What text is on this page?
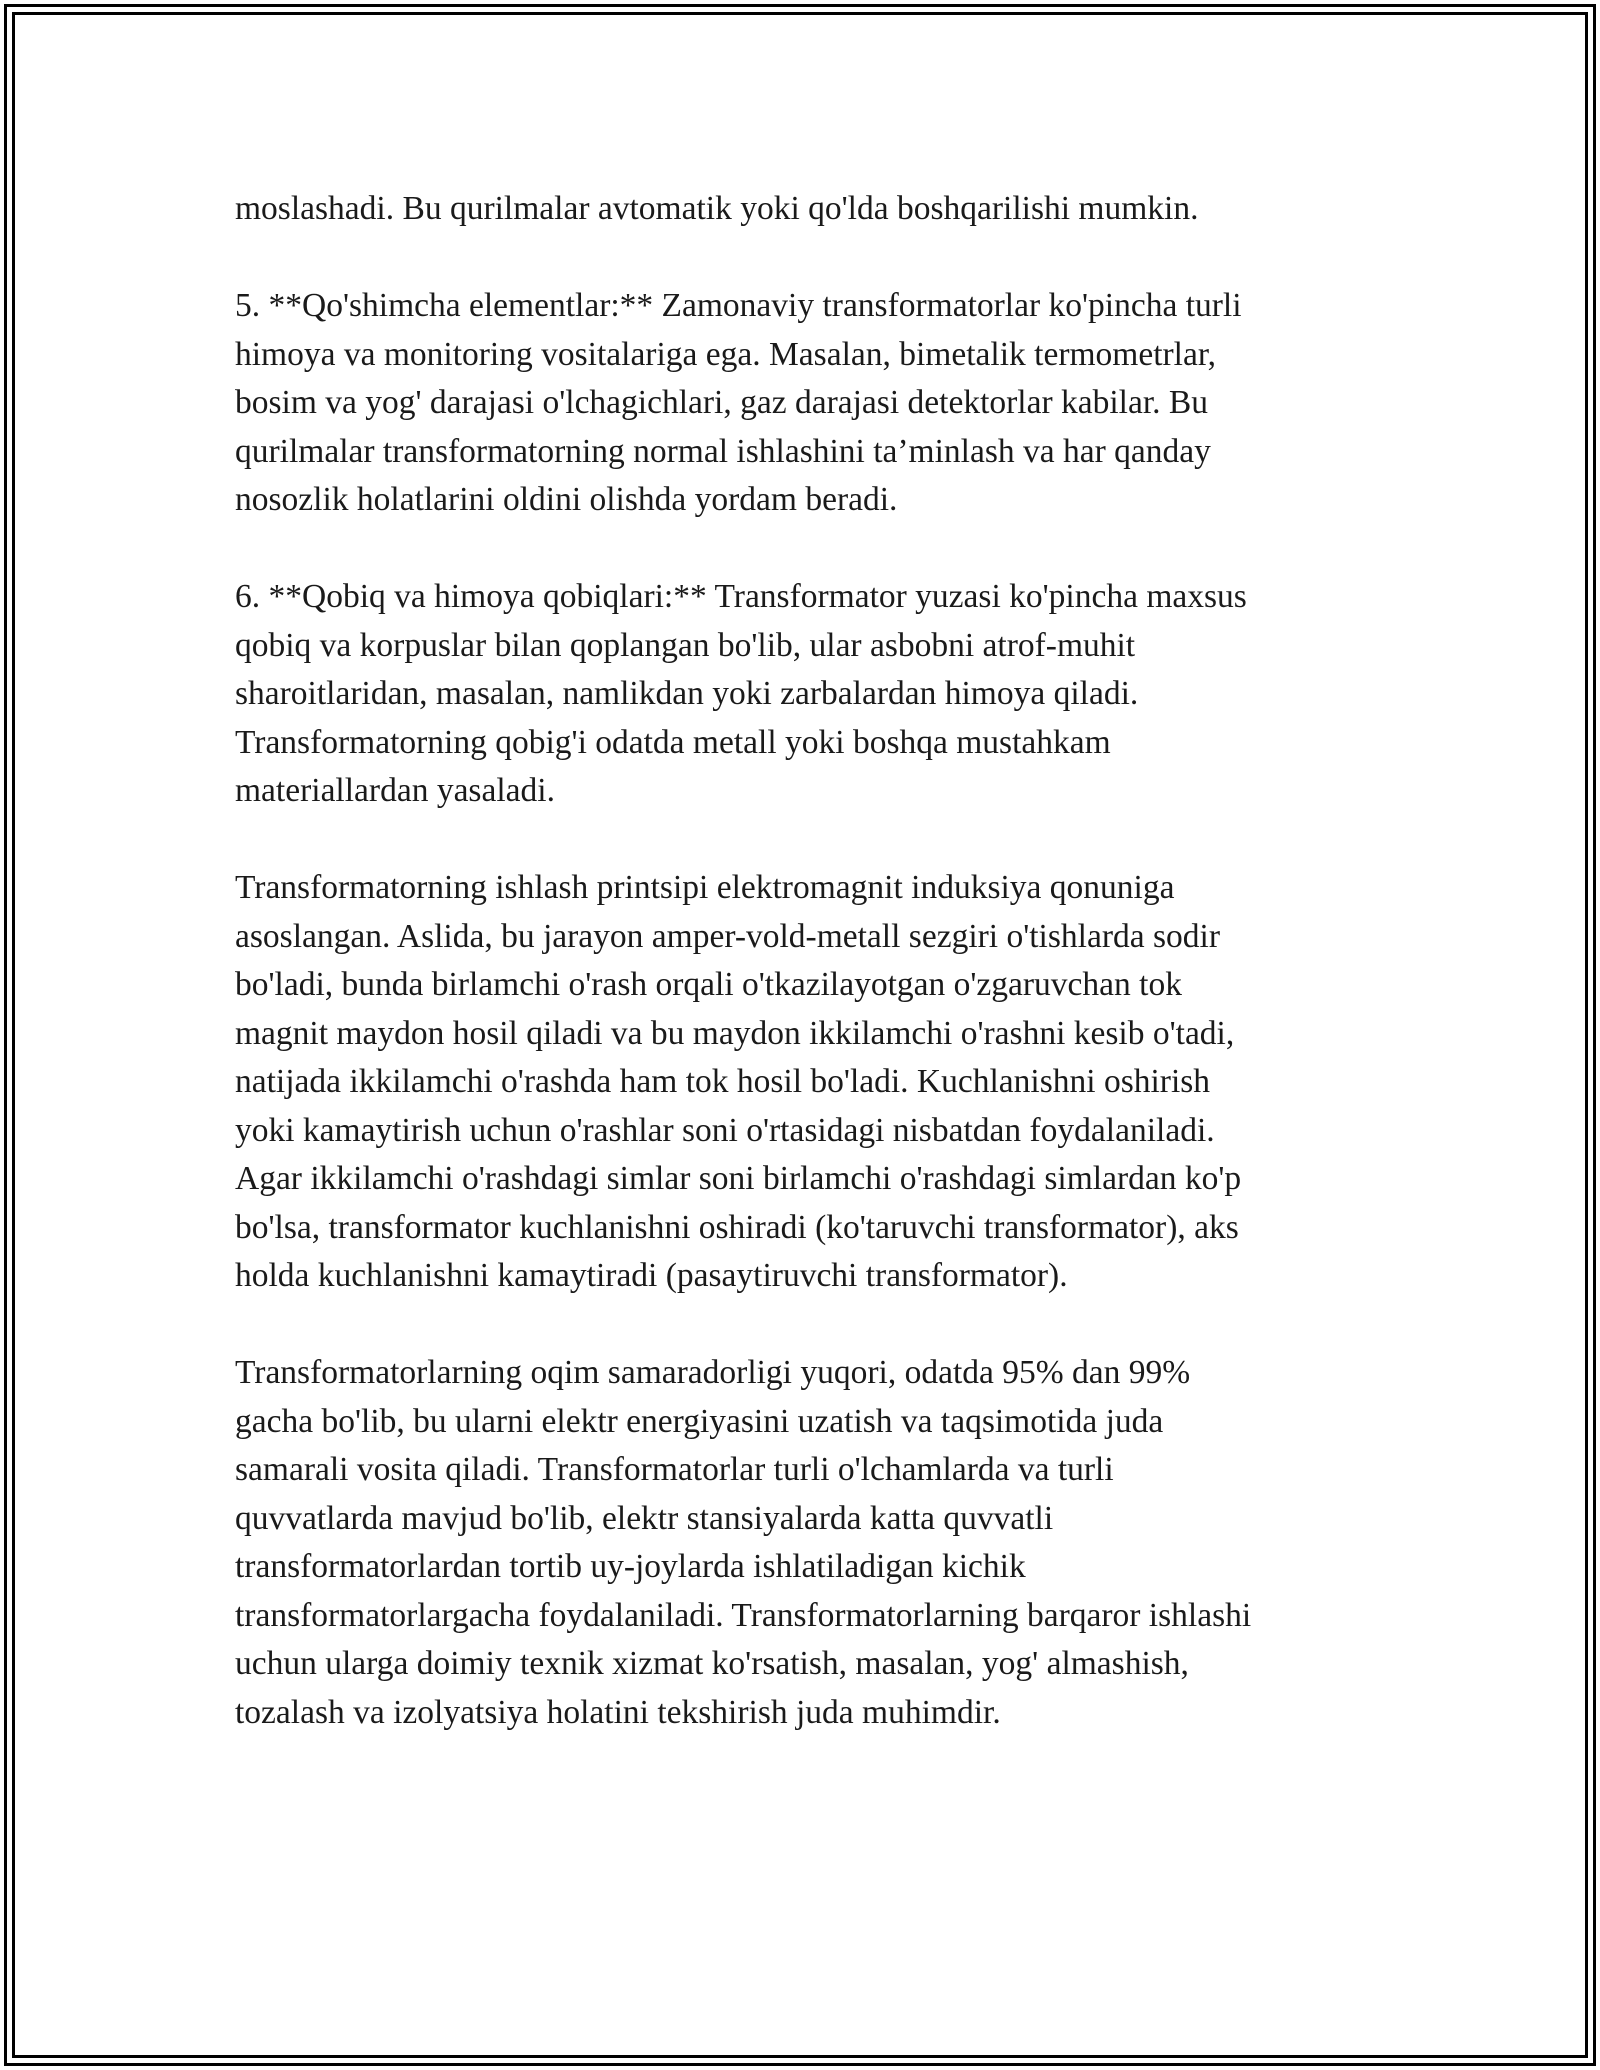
moslashadi. Bu qurilmalar avtomatik yoki qo'lda boshqarilishi mumkin.

5. **Qo'shimcha elementlar:** Zamonaviy transformatorlar ko'pincha turli
himoya va monitoring vositalariga ega. Masalan, bimetalik termometrlar,
bosim va yog' darajasi o'lchagichlari, gaz darajasi detektorlar kabilar. Bu
qurilmalar transformatorning normal ishlashini ta’minlash va har qanday
nosozlik holatlarini oldini olishda yordam beradi.

6. **Qobiq va himoya qobiqlari:** Transformator yuzasi ko'pincha maxsus
qobiq va korpuslar bilan qoplangan bo'lib, ular asbobni atrof-muhit
sharoitlaridan, masalan, namlikdan yoki zarbalardan himoya qiladi.
Transformatorning qobig'i odatda metall yoki boshqa mustahkam
materiallardan yasaladi.

Transformatorning ishlash printsipi elektromagnit induksiya qonuniga
asoslangan. Aslida, bu jarayon amper-vold-metall sezgiri o'tishlarda sodir
bo'ladi, bunda birlamchi o'rash orqali o'tkazilayotgan o'zgaruvchan tok
magnit maydon hosil qiladi va bu maydon ikkilamchi o'rashni kesib o'tadi,
natijada ikkilamchi o'rashda ham tok hosil bo'ladi. Kuchlanishni oshirish
yoki kamaytirish uchun o'rashlar soni o'rtasidagi nisbatdan foydalaniladi.
Agar ikkilamchi o'rashdagi simlar soni birlamchi o'rashdagi simlardan ko'p
bo'lsa, transformator kuchlanishni oshiradi (ko'taruvchi transformator), aks
holda kuchlanishni kamaytiradi (pasaytiruvchi transformator).

Transformatorlarning oqim samaradorligi yuqori, odatda 95% dan 99%
gacha bo'lib, bu ularni elektr energiyasini uzatish va taqsimotida juda
samarali vosita qiladi. Transformatorlar turli o'lchamlarda va turli
quvvatlarda mavjud bo'lib, elektr stansiyalarda katta quvvatli
transformatorlardan tortib uy-joylarda ishlatiladigan kichik
transformatorlargacha foydalaniladi. Transformatorlarning barqaror ishlashi
uchun ularga doimiy texnik xizmat ko'rsatish, masalan, yog' almashish,
tozalash va izolyatsiya holatini tekshirish juda muhimdir.
